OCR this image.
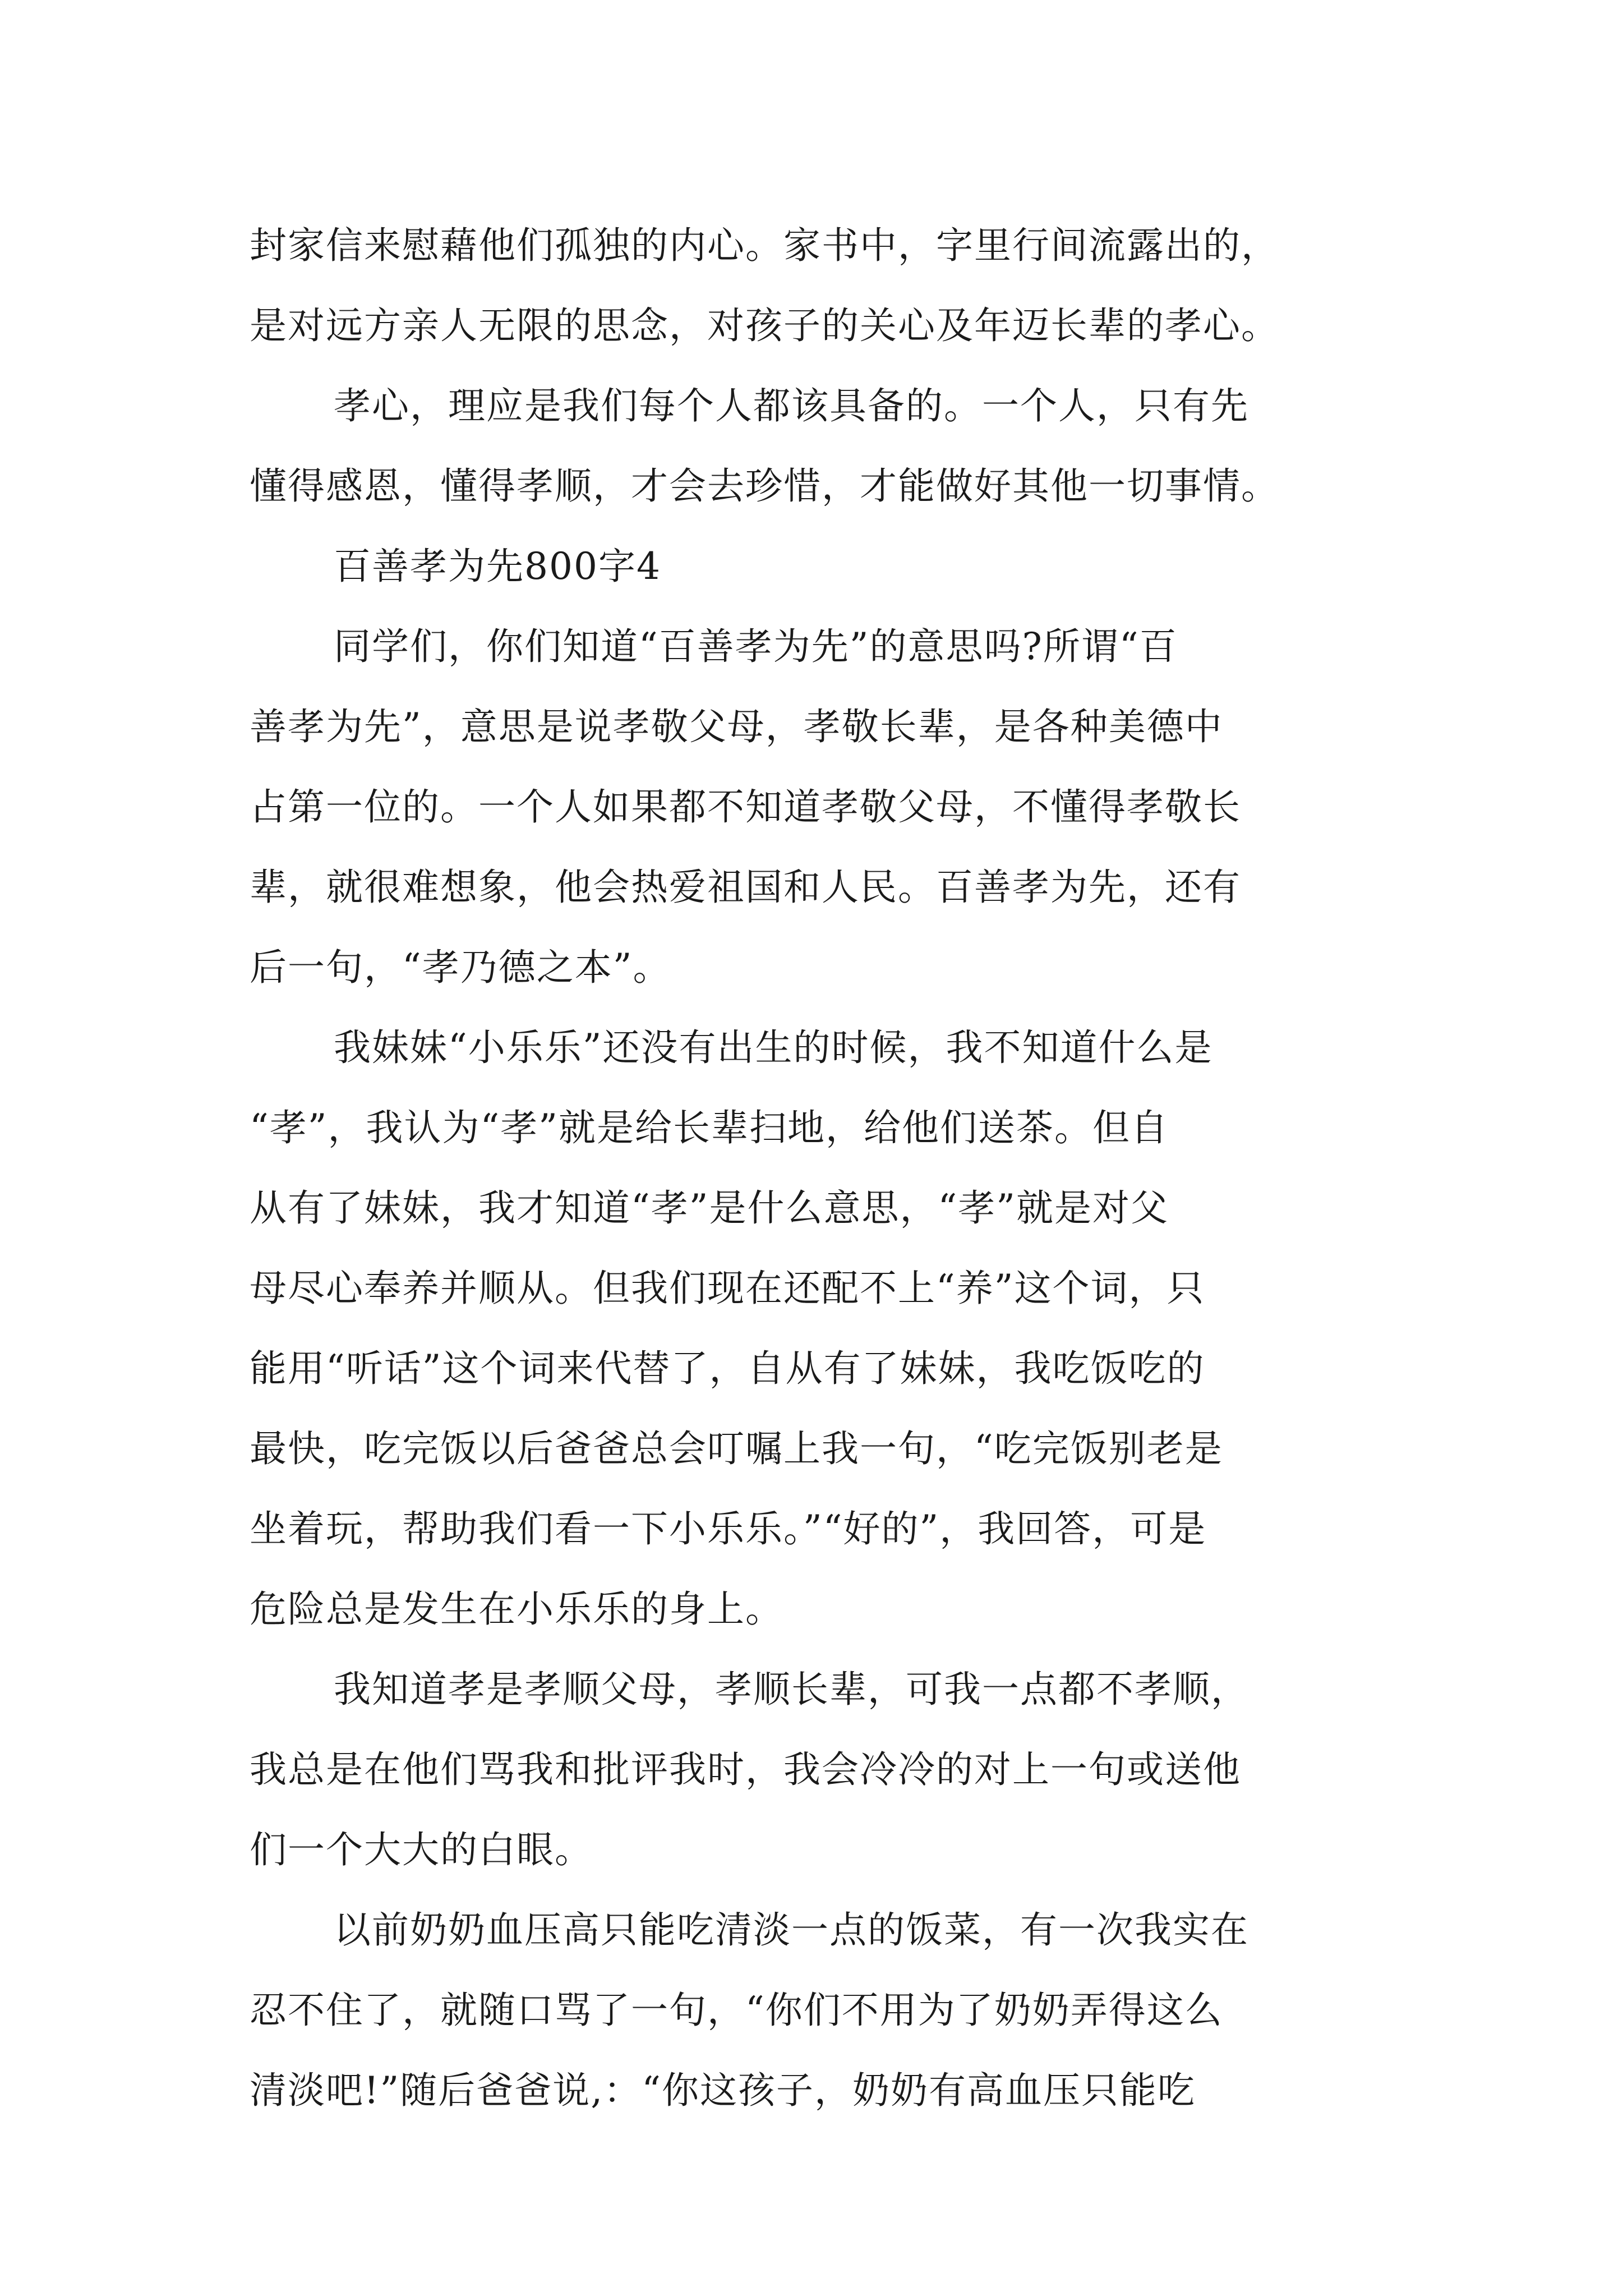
封家信来慰藉他们孤独的内心。家书中，字里行间流露出的，
是对远方亲人无限的思念，对孩子的关心及年迈长辈的孝心。
孝心，理应是我们每个人都该具备的。一个人，只有先
懂得感恩，懂得孝顺，才会去珍惜，才能做好其他一切事情。
百善孝为先800字4
同学们，你们知道“百善孝为先”的意思吗?所谓“百
善孝为先”，意思是说孝敬父母，孝敬长辈，是各种美德中
占第一位的。一个人如果都不知道孝敬父母，不懂得孝敬长
辈，就很难想象，他会热爱祖国和人民。百善孝为先，还有
后一句，“孝乃德之本”。
我妹妹“小乐乐”还没有出生的时候，我不知道什么是
“孝”，我认为“孝”就是给长辈扫地，给他们送茶。但自
从有了妹妹，我才知道“孝”是什么意思，“孝”就是对父
母尽心奉养并顺从。但我们现在还配不上“养”这个词，只
能用“听话”这个词来代替了，自从有了妹妹，我吃饭吃的
最快，吃完饭以后爸爸总会叮嘱上我一句，“吃完饭别老是
坐着玩，帮助我们看一下小乐乐。”“好的”，我回答，可是
危险总是发生在小乐乐的身上。
我知道孝是孝顺父母，孝顺长辈，可我一点都不孝顺，
我总是在他们骂我和批评我时，我会冷冷的对上一句或送他
们一个大大的白眼。
以前奶奶血压高只能吃清淡一点的饭菜，有一次我实在
忍不住了，就随口骂了一句，“你们不用为了奶奶弄得这么
清淡吧!”随后爸爸说,：“你这孩子，奶奶有高血压只能吃
